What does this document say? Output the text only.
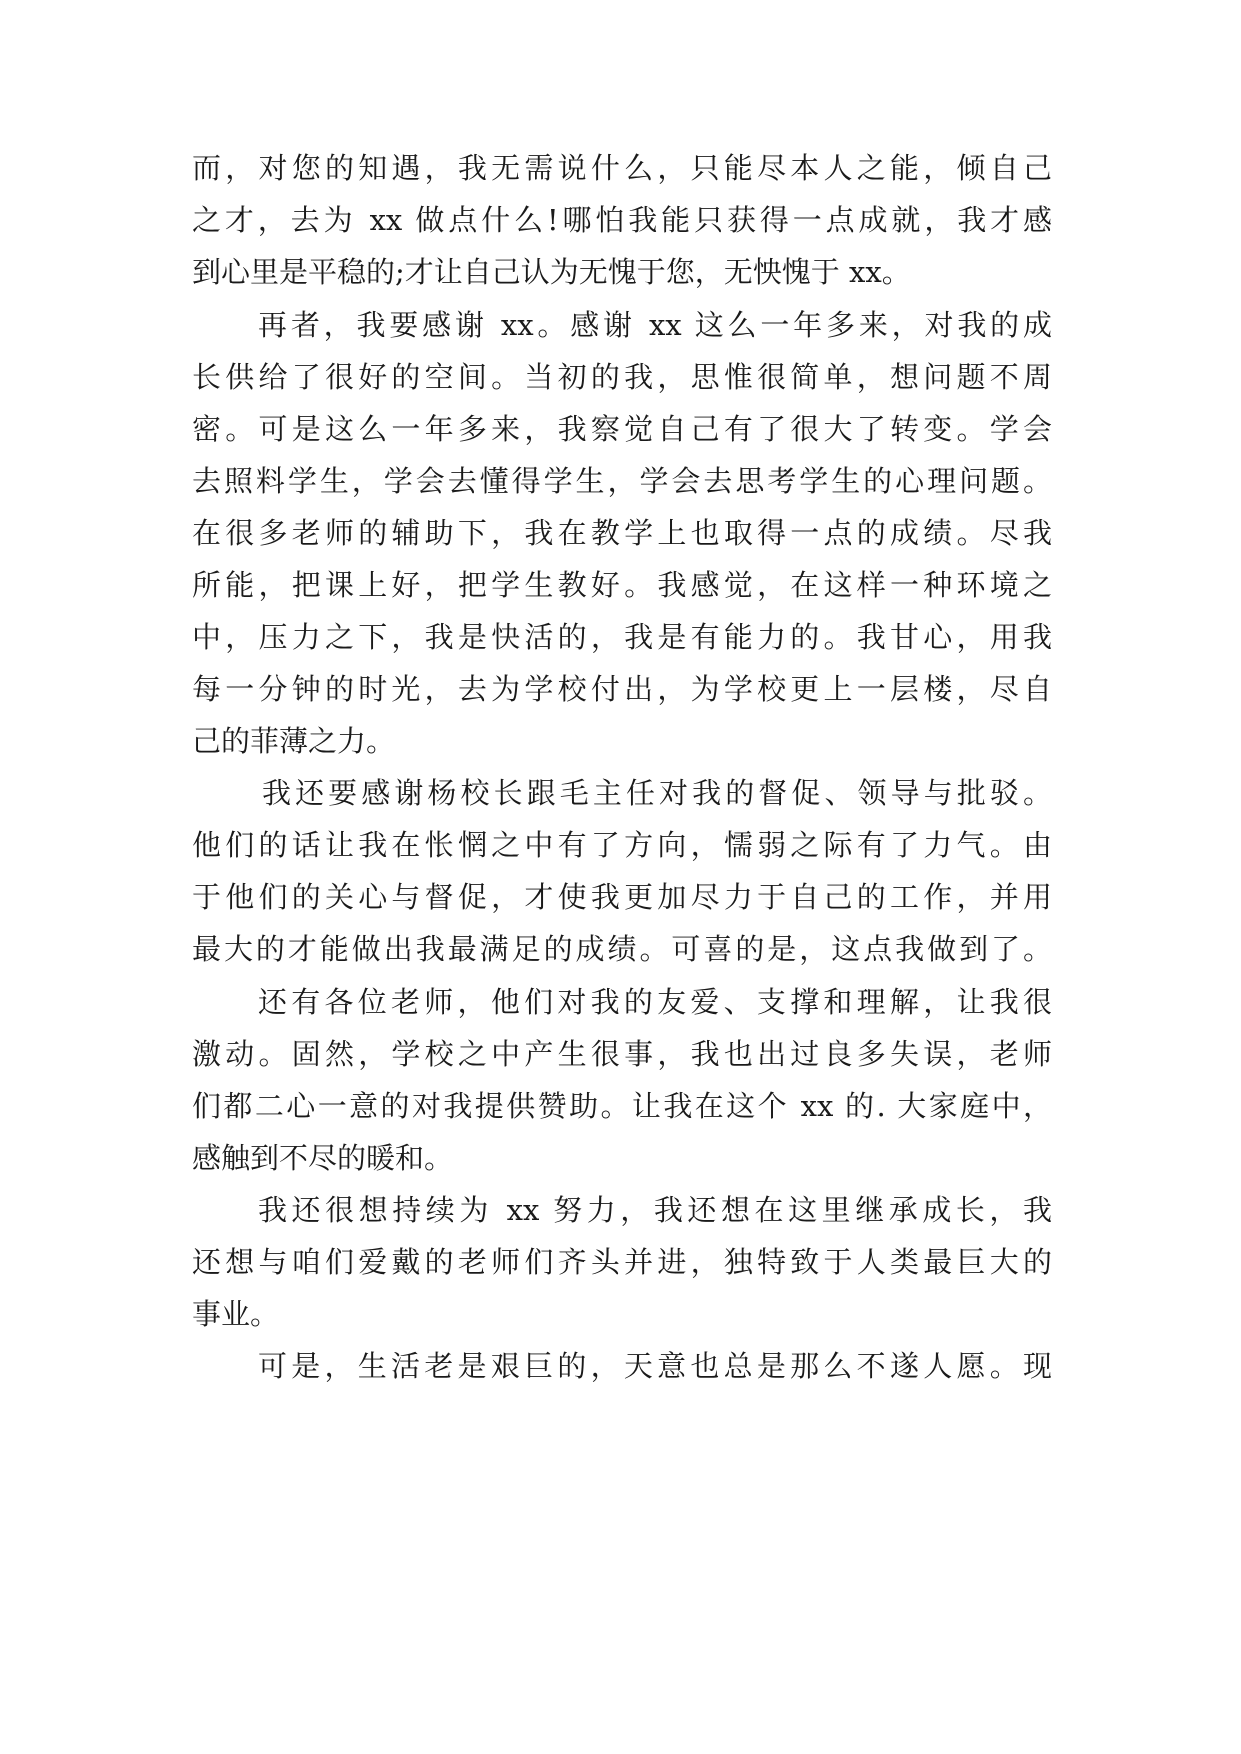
而，对您的知遇，我无需说什么，只能尽本人之能，倾自己
之才，去为 xx 做点什么!哪怕我能只获得一点成就，我才感
到心里是平稳的;才让自己认为无愧于您，无怏愧于 xx。
再者，我要感谢 xx。感谢 xx 这么一年多来，对我的成
长供给了很好的空间。当初的我，思惟很简单，想问题不周
密。可是这么一年多来，我察觉自己有了很大了转变。学会
去照料学生，学会去懂得学生，学会去思考学生的心理问题。
在很多老师的辅助下，我在教学上也取得一点的成绩。尽我
所能，把课上好，把学生教好。我感觉，在这样一种环境之
中，压力之下，我是快活的，我是有能力的。我甘心，用我
每一分钟的时光，去为学校付出，为学校更上一层楼，尽自
己的菲薄之力。
我还要感谢杨校长跟毛主任对我的督促、领导与批驳。
他们的话让我在怅惘之中有了方向，懦弱之际有了力气。由
于他们的关心与督促，才使我更加尽力于自己的工作，并用
最大的才能做出我最满足的成绩。可喜的是，这点我做到了。
还有各位老师，他们对我的友爱、支撑和理解，让我很
激动。固然，学校之中产生很事，我也出过良多失误，老师
们都二心一意的对我提供赞助。让我在这个 xx 的. 大家庭中，
感触到不尽的暖和。
我还很想持续为 xx 努力，我还想在这里继承成长，我
还想与咱们爱戴的老师们齐头并进，独特致于人类最巨大的
事业。
可是，生活老是艰巨的，天意也总是那么不遂人愿。现
